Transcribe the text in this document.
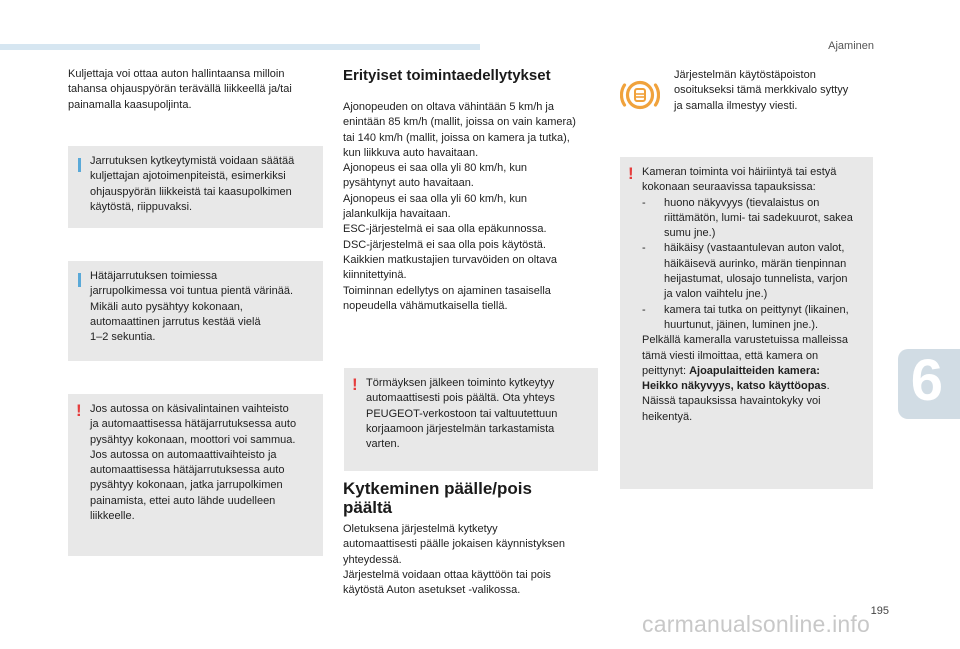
Ajaminen
6
195
carmanualsonline.info
Kuljettaja voi ottaa auton hallintaansa milloin
tahansa ohjauspyörän terävällä liikkeellä ja/tai
painamalla kaasupoljinta.
Jarrutuksen kytkeytymistä voidaan säätää
kuljettajan ajotoimenpiteistä, esimerkiksi
ohjauspyörän liikkeistä tai kaasupolkimen
käytöstä, riippuvaksi.
Hätäjarrutuksen toimiessa
jarrupolkimessa voi tuntua pientä värinää.
Mikäli auto pysähtyy kokonaan,
automaattinen jarrutus kestää vielä
1–2 sekuntia.
! Jos autossa on käsivalintainen vaihteisto
ja automaattisessa hätäjarrutuksessa auto
pysähtyy kokonaan, moottori voi sammua.
Jos autossa on automaattivaihteisto ja
automaattisessa hätäjarrutuksessa auto
pysähtyy kokonaan, jatka jarrupolkimen
painamista, ettei auto lähde uudelleen
liikkeelle.
Erityiset toimintaedellytykset
Ajonopeuden on oltava vähintään 5 km/h ja
enintään 85 km/h (mallit, joissa on vain kamera)
tai 140 km/h (mallit, joissa on kamera ja tutka),
kun liikkuva auto havaitaan.
Ajonopeus ei saa olla yli 80 km/h, kun
pysähtynyt auto havaitaan.
Ajonopeus ei saa olla yli 60 km/h, kun
jalankulkija havaitaan.
ESC-järjestelmä ei saa olla epäkunnossa.
DSC-järjestelmä ei saa olla pois käytöstä.
Kaikkien matkustajien turvavöiden on oltava
kiinnitettyinä.
Toiminnan edellytys on ajaminen tasaisella
nopeudella vähämutkaisella tiellä.
! Törmäyksen jälkeen toiminto kytkeytyy
automaattisesti pois päältä. Ota yhteys
PEUGEOT-verkostoon tai valtuutettuun
korjaamoon järjestelmän tarkastamista
varten.
Kytkeminen päälle/pois
päältä
Oletuksena järjestelmä kytketyy
automaattisesti päälle jokaisen käynnistyksen
yhteydessä.
Järjestelmä voidaan ottaa käyttöön tai pois
käytöstä Auton asetukset -valikossa.
Järjestelmän käytöstäpoiston
osoitukseksi tämä merkkivalo syttyy
ja samalla ilmestyy viesti.
! Kameran toiminta voi häiriintyä tai estyä
kokonaan seuraavissa tapauksissa:
- huono näkyvyys (tievalaistus on
riittämätön, lumi- tai sadekuurot, sakea
sumu jne.)
- häikäisy (vastaantulevan auton valot,
häikäisevä aurinko, märän tienpinnan
heijastumat, ulosajo tunnelista, varjon
ja valon vaihtelu jne.)
- kamera tai tutka on peittynyt (likainen,
huurtunut, jäinen, luminen jne.).
Pelkällä kameralla varustetuissa malleissa
tämä viesti ilmoittaa, että kamera on
peittynyt: Ajoapulaitteiden kamera:
Heikko näkyvyys, katso käyttöopas.
Näissä tapauksissa havaintokyky voi
heikentyä.
